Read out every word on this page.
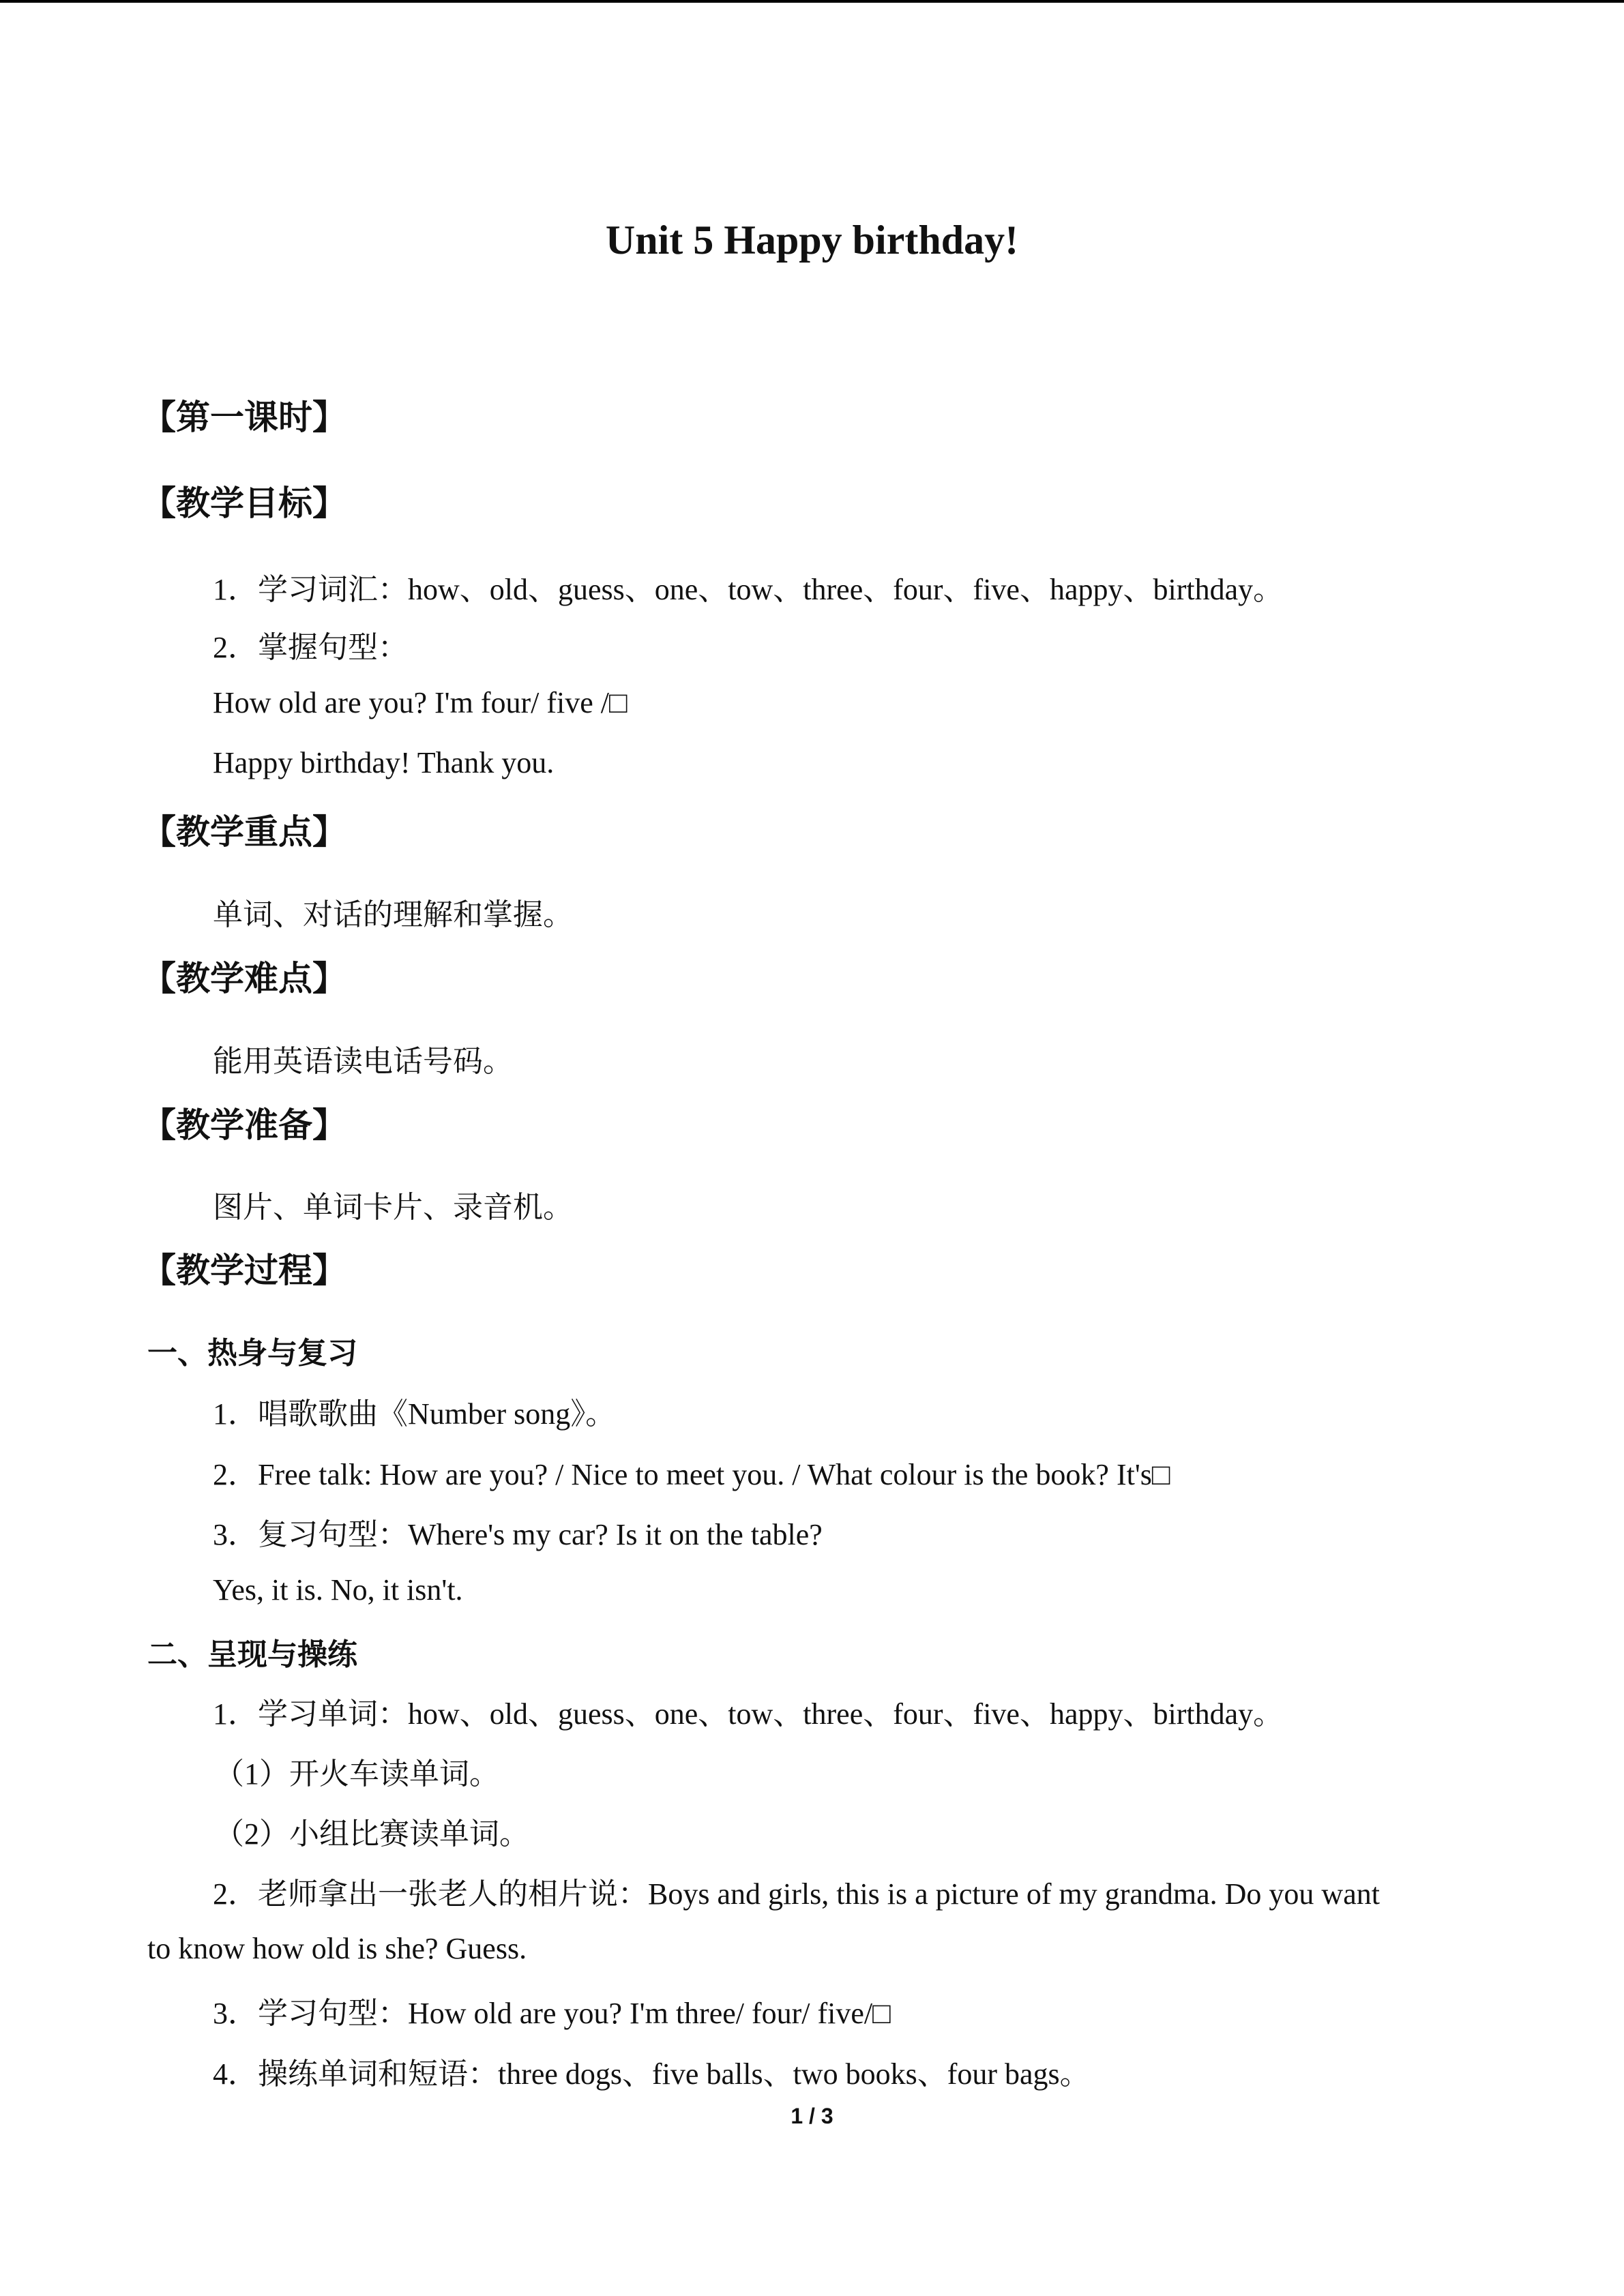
Unit 5 Happy birthday!
【第一课时】
【教学目标】
1．学习词汇：how、old、guess、one、tow、three、four、five、happy、birthday。
2．掌握句型：
How old are you? I'm four/ five /□
Happy birthday! Thank you.
【教学重点】
单词、对话的理解和掌握。
【教学难点】
能用英语读电话号码。
【教学准备】
图片、单词卡片、录音机。
【教学过程】
一、热身与复习
1．唱歌歌曲《Number song》。
2．Free talk: How are you? / Nice to meet you. / What colour is the book? It's□
3．复习句型：Where's my car? Is it on the table?
Yes, it is. No, it isn't.
二、呈现与操练
1．学习单词：how、old、guess、one、tow、three、four、five、happy、birthday。
（1）开火车读单词。
（2）小组比赛读单词。
2．老师拿出一张老人的相片说：Boys and girls, this is a picture of my grandma. Do you want
to know how old is she? Guess.
3．学习句型：How old are you? I'm three/ four/ five/□
4．操练单词和短语：three dogs、five balls、two books、four bags。
1 / 3
